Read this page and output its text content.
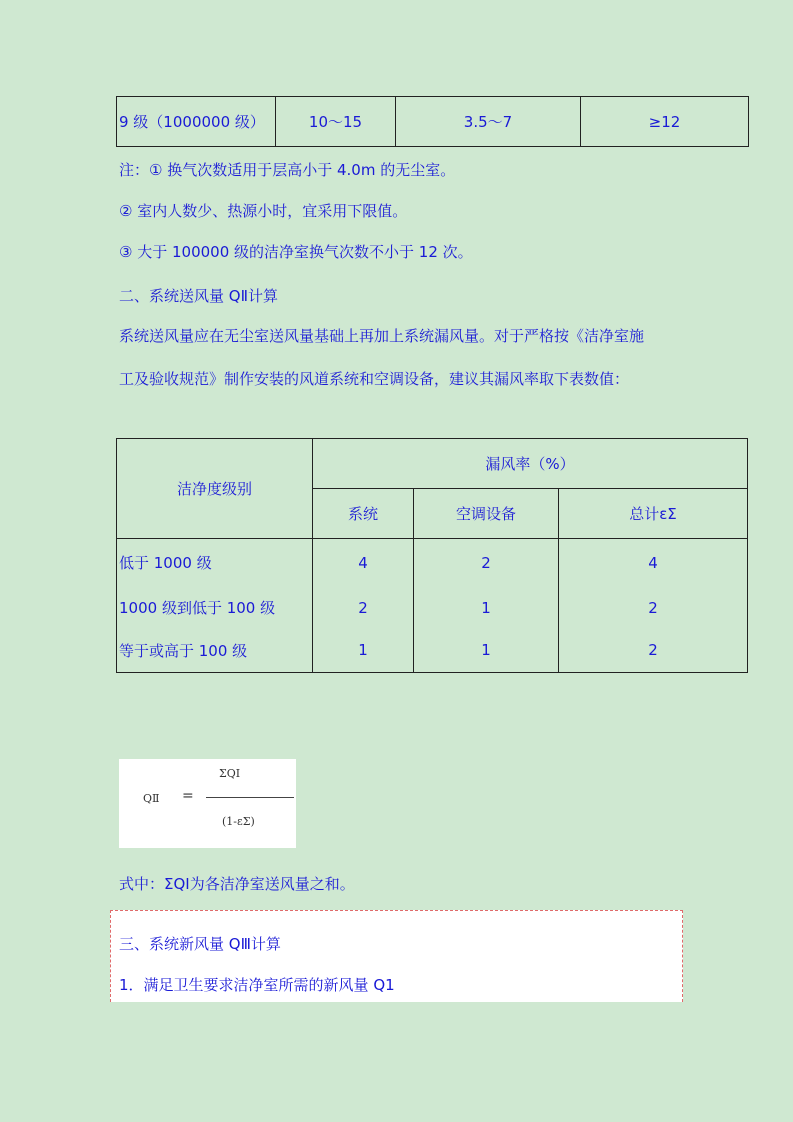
9 级（1000000 级）	10～15	3.5～7	≥12
注：① 换气次数适用于层高小于 4.0m 的无尘室。
② 室内人数少、热源小时，宜采用下限值。
③ 大于 100000 级的洁净室换气次数不小于 12 次。
二、系统送风量 QⅡ计算
系统送风量应在无尘室送风量基础上再加上系统漏风量。对于严格按《洁净室施
工及验收规范》制作安装的风道系统和空调设备，建议其漏风率取下表数值：
洁净度级别	漏风率（%）		
	系统	空调设备	总计εΣ
低于 1000 级	4	2	4
1000 级到低于 100 级	2	1	2
等于或高于 100 级	1	1	2
QⅡ =
ΣQⅠ
(1-εΣ)
式中：ΣQⅠ为各洁净室送风量之和。
三、系统新风量 QⅢ计算
1．满足卫生要求洁净室所需的新风量 Q1
